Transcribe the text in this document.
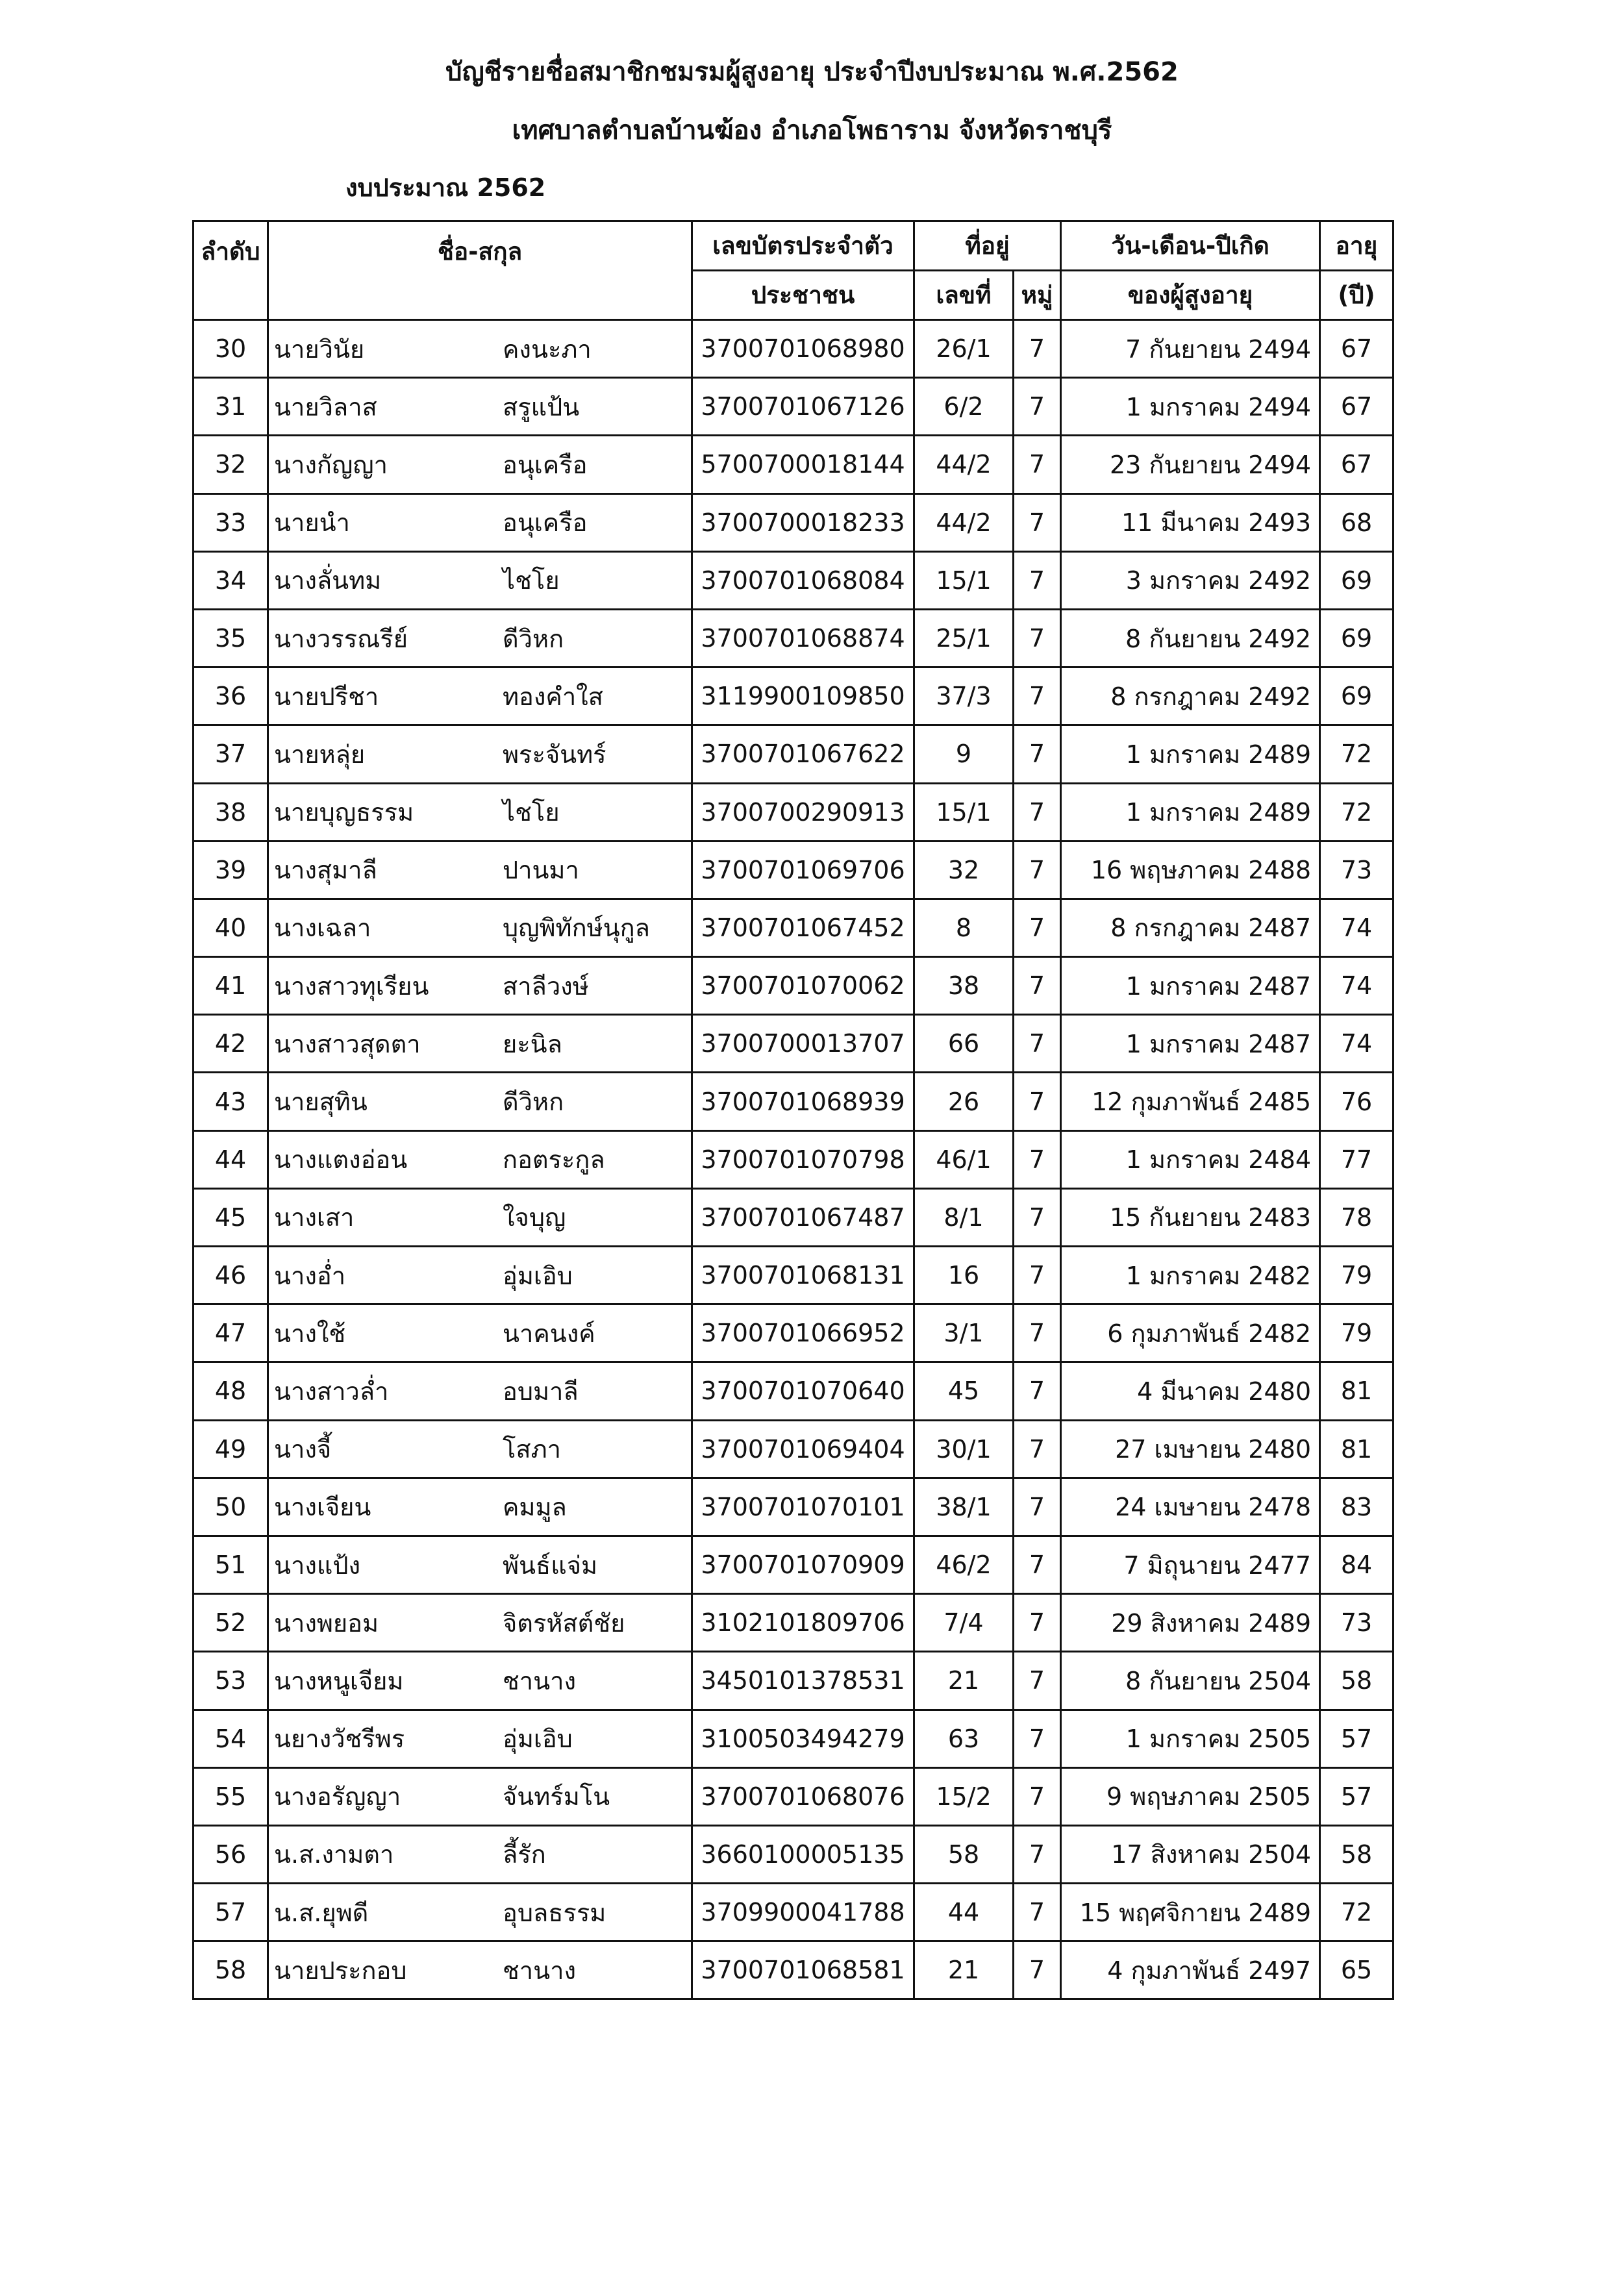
บัญชีรายชื่อสมาชิกชมรมผู้สูงอายุ ประจำปีงบประมาณ พ.ศ.2562
เทศบาลตำบลบ้านฆ้อง อำเภอโพธาราม จังหวัดราชบุรี
งบประมาณ 2562
ลำดับ	ชื่อ-สกุล	เลขบัตรประจำตัว	ที่อยู่		วัน-เดือน-ปีเกิด	อายุ
		ประชาชน	เลขที่	หมู่	ของผู้สูงอายุ	(ปี)
30	นายวินัย คงนะภา	3700701068980	26/1	7	7 กันยายน 2494	67
31	นายวิลาส สรูแป้น	3700701067126	6/2	7	1 มกราคม 2494	67
32	นางกัญญา อนุเครือ	5700700018144	44/2	7	23 กันยายน 2494	67
33	นายนำ อนุเครือ	3700700018233	44/2	7	11 มีนาคม 2493	68
34	นางลั่นทม ไชโย	3700701068084	15/1	7	3 มกราคม 2492	69
35	นางวรรณรีย์ ดีวิหก	3700701068874	25/1	7	8 กันยายน 2492	69
36	นายปรีชา ทองคำใส	3119900109850	37/3	7	8 กรกฎาคม 2492	69
37	นายหลุ่ย พระจันทร์	3700701067622	9	7	1 มกราคม 2489	72
38	นายบุญธรรม ไชโย	3700700290913	15/1	7	1 มกราคม 2489	72
39	นางสุมาลี ปานมา	3700701069706	32	7	16 พฤษภาคม 2488	73
40	นางเฉลา บุญพิทักษ์นุกูล	3700701067452	8	7	8 กรกฎาคม 2487	74
41	นางสาวทุเรียน สาลีวงษ์	3700701070062	38	7	1 มกราคม 2487	74
42	นางสาวสุดตา ยะนิล	3700700013707	66	7	1 มกราคม 2487	74
43	นายสุทิน ดีวิหก	3700701068939	26	7	12 กุมภาพันธ์ 2485	76
44	นางแตงอ่อน กอตระกูล	3700701070798	46/1	7	1 มกราคม 2484	77
45	นางเสา ใจบุญ	3700701067487	8/1	7	15 กันยายน 2483	78
46	นางอ่ำ อุ่มเอิบ	3700701068131	16	7	1 มกราคม 2482	79
47	นางใช้ นาคนงค์	3700701066952	3/1	7	6 กุมภาพันธ์ 2482	79
48	นางสาวล่ำ อบมาลี	3700701070640	45	7	4 มีนาคม 2480	81
49	นางจี้ โสภา	3700701069404	30/1	7	27 เมษายน 2480	81
50	นางเจียน คมมูล	3700701070101	38/1	7	24 เมษายน 2478	83
51	นางแป้ง พันธ์แจ่ม	3700701070909	46/2	7	7 มิถุนายน 2477	84
52	นางพยอม จิตรหัสต์ชัย	3102101809706	7/4	7	29 สิงหาคม 2489	73
53	นางหนูเจียม ชานาง	3450101378531	21	7	8 กันยายน 2504	58
54	นยางวัชรีพร อุ่มเอิบ	3100503494279	63	7	1 มกราคม 2505	57
55	นางอรัญญา จันทร์มโน	3700701068076	15/2	7	9 พฤษภาคม 2505	57
56	น.ส.งามตา ลี้รัก	3660100005135	58	7	17 สิงหาคม 2504	58
57	น.ส.ยุพดี อุบลธรรม	3709900041788	44	7	15 พฤศจิกายน 2489	72
58	นายประกอบ ชานาง	3700701068581	21	7	4 กุมภาพันธ์ 2497	65
